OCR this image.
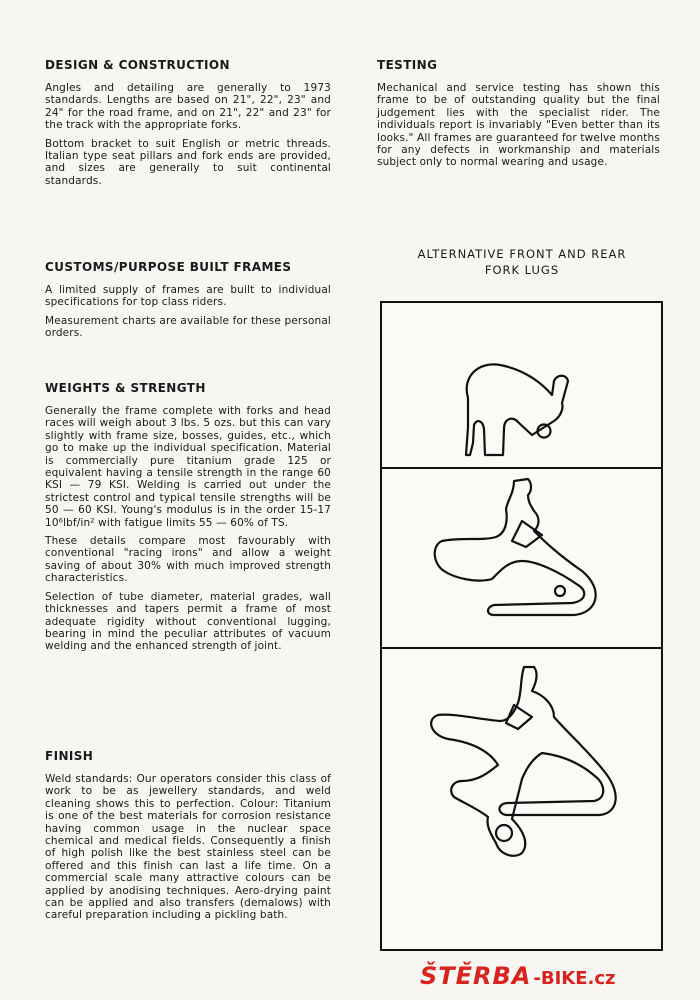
DESIGN & CONSTRUCTION

Angles and detailing are generally to 1973 standards. Lengths are based on 21", 22", 23" and 24" for the road frame, and on 21", 22" and 23" for the track with the appropriate forks.

Bottom bracket to suit English or metric threads. Italian type seat pillars and fork ends are provided, and sizes are generally to suit continental standards.

CUSTOMS/PURPOSE BUILT FRAMES

A limited supply of frames are built to individual specifications for top class riders.

Measurement charts are available for these personal orders.

WEIGHTS & STRENGTH

Generally the frame complete with forks and head races will weigh about 3 lbs. 5 ozs. but this can vary slightly with frame size, bosses, guides, etc., which go to make up the individual specification. Material is commercially pure titanium grade 125 or equivalent having a tensile strength in the range 60 KSI — 79 KSI. Welding is carried out under the strictest control and typical tensile strengths will be 50 — 60 KSI. Young's modulus is in the order 15-17 10⁶lbf/in² with fatigue limits 55 — 60% of TS.

These details compare most favourably with conventional "racing irons" and allow a weight saving of about 30% with much improved strength characteristics.

Selection of tube diameter, material grades, wall thicknesses and tapers permit a frame of most adequate rigidity without conventional lugging, bearing in mind the peculiar attributes of vacuum welding and the enhanced strength of joint.

FINISH

Weld standards: Our operators consider this class of work to be as jewellery standards, and weld cleaning shows this to perfection. Colour: Titanium is one of the best materials for corrosion resistance having common usage in the nuclear space chemical and medical fields. Consequently a finish of high polish like the best stainless steel can be offered and this finish can last a life time. On a commercial scale many attractive colours can be applied by anodising techniques. Aero-drying paint can be applied and also transfers (demalows) with careful preparation including a pickling bath.

TESTING

Mechanical and service testing has shown this frame to be of outstanding quality but the final judgement lies with the specialist rider. The individuals report is invariably "Even better than its looks." All frames are guaranteed for twelve months for any defects in workmanship and materials subject only to normal wearing and usage.

ALTERNATIVE FRONT AND REAR
FORK LUGS
ŠTĚRBA -BIKE.cz
